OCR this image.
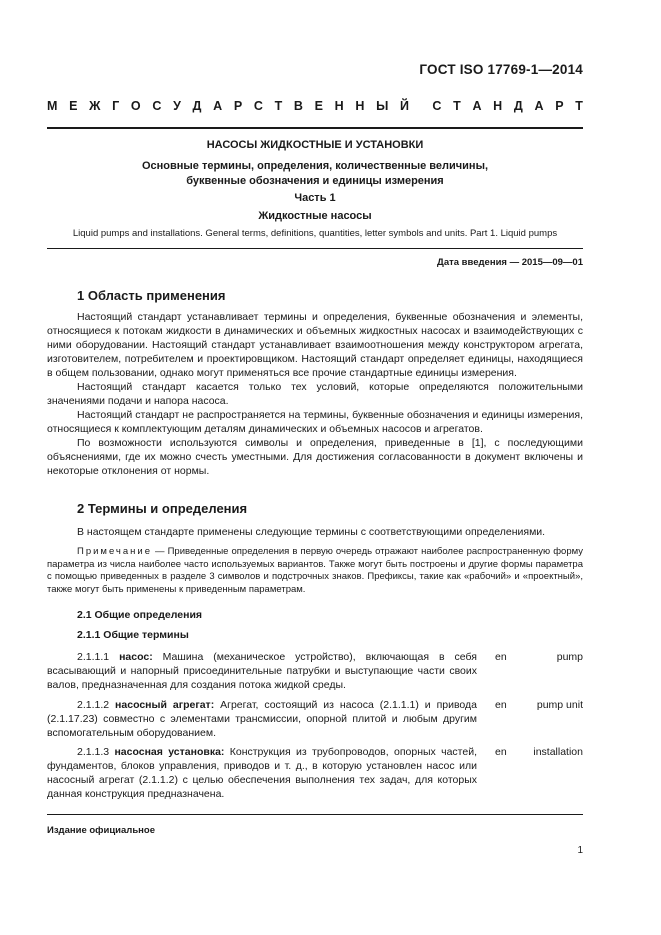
ГОСТ ISO 17769-1—2014
М Е Ж Г О С У Д А Р С Т В Е Н Н Ы Й С Т А Н Д А Р Т
НАСОСЫ ЖИДКОСТНЫЕ И УСТАНОВКИ
Основные термины, определения, количественные величины,
буквенные обозначения и единицы измерения
Часть 1
Жидкостные насосы
Liquid pumps and installations. General terms, definitions, quantities, letter symbols and units. Part 1. Liquid pumps
Дата введения — 2015—09—01
1 Область применения

Настоящий стандарт устанавливает термины и определения, буквенные обозначения и элементы, относящиеся к потокам жидкости в динамических и объемных жидкостных насосах и взаимодействующих с ними оборудовании. Настоящий стандарт устанавливает взаимоотношения между конструктором агрегата, изготовителем, потребителем и проектировщиком. Настоящий стандарт определяет единицы, находящиеся в общем пользовании, однако могут применяться все прочие стандартные единицы измерения.

Настоящий стандарт касается только тех условий, которые определяются положительными значениями подачи и напора насоса.

Настоящий стандарт не распространяется на термины, буквенные обозначения и единицы измерения, относящиеся к комплектующим деталям динамических и объемных насосов и агрегатов.

По возможности используются символы и определения, приведенные в [1], с последующими объяснениями, где их можно счесть уместными. Для достижения согласованности в документ включены и некоторые отклонения от нормы.

2 Термины и определения

В настоящем стандарте применены следующие термины с соответствующими определениями.

Примечание — Приведенные определения в первую очередь отражают наиболее распространенную форму параметра из числа наиболее часто используемых вариантов. Также могут быть построены и другие формы параметра с помощью приведенных в разделе 3 символов и подстрочных знаков. Префиксы, такие как «рабочий» и «проектный», также могут быть применены к приведенным параметрам.

2.1 Общие определения
2.1.1 Общие термины
2.1.1.1 насос: Машина (механическое устройство), включающая в себя всасывающий и напорный присоединительные патрубки и выступающие части своих валов, предназначенная для создания потока жидкой среды.
en	pump
2.1.1.2 насосный агрегат: Агрегат, состоящий из насоса (2.1.1.1) и привода (2.1.17.23) совместно с элементами трансмиссии, опорной плитой и любым другим вспомогательным оборудованием.
en	pump unit
2.1.1.3 насосная установка: Конструкция из трубопроводов, опорных частей, фундаментов, блоков управления, приводов и т. д., в которую установлен насос или насосный агрегат (2.1.1.2) с целью обеспечения выполнения тех задач, для которых данная конструкция предназначена.
en	installation
Издание официальное
1
